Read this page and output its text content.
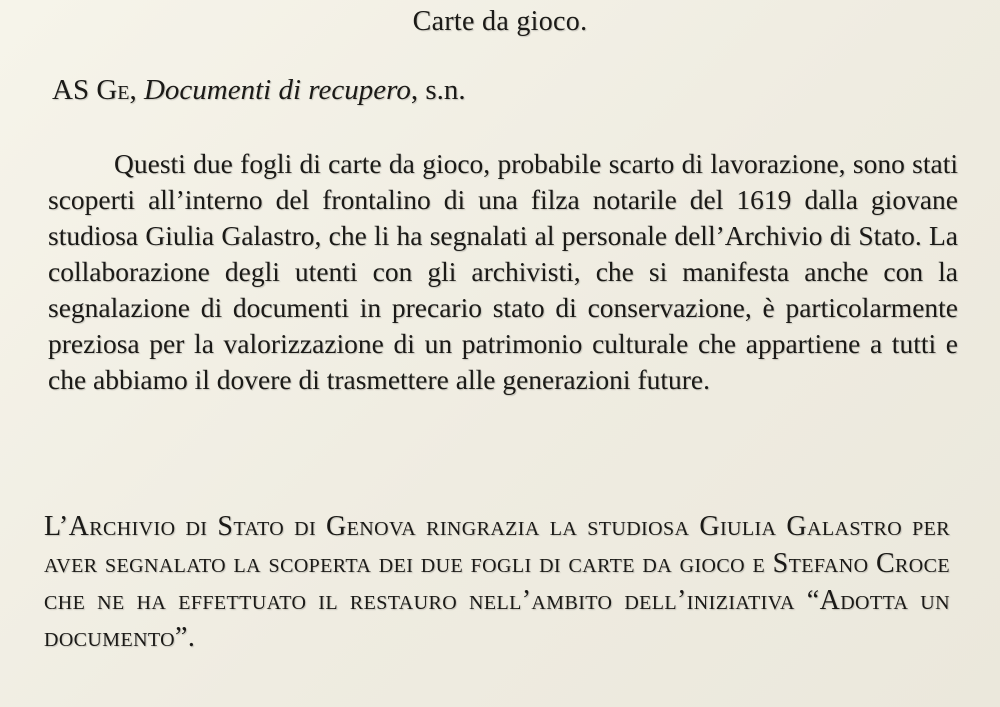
Carte da gioco.

AS Ge, Documenti di recupero, s.n.

Questi due fogli di carte da gioco, probabile scarto di lavorazione, sono stati scoperti all’interno del frontalino di una filza notarile del 1619 dalla giovane studiosa Giulia Galastro, che li ha segnalati al personale dell’Archivio di Stato. La collaborazione degli utenti con gli archivisti, che si manifesta anche con la segnalazione di documenti in precario stato di conservazione, è particolarmente preziosa per la valorizzazione di un patrimonio culturale che appartiene a tutti e che abbiamo il dovere di trasmettere alle generazioni future.

L’Archivio di Stato di Genova ringrazia la studiosa Giulia Galastro per aver segnalato la scoperta dei due fogli di carte da gioco e Stefano Croce che ne ha effettuato il restauro nell’ambito dell’iniziativa “Adotta un documento”.
